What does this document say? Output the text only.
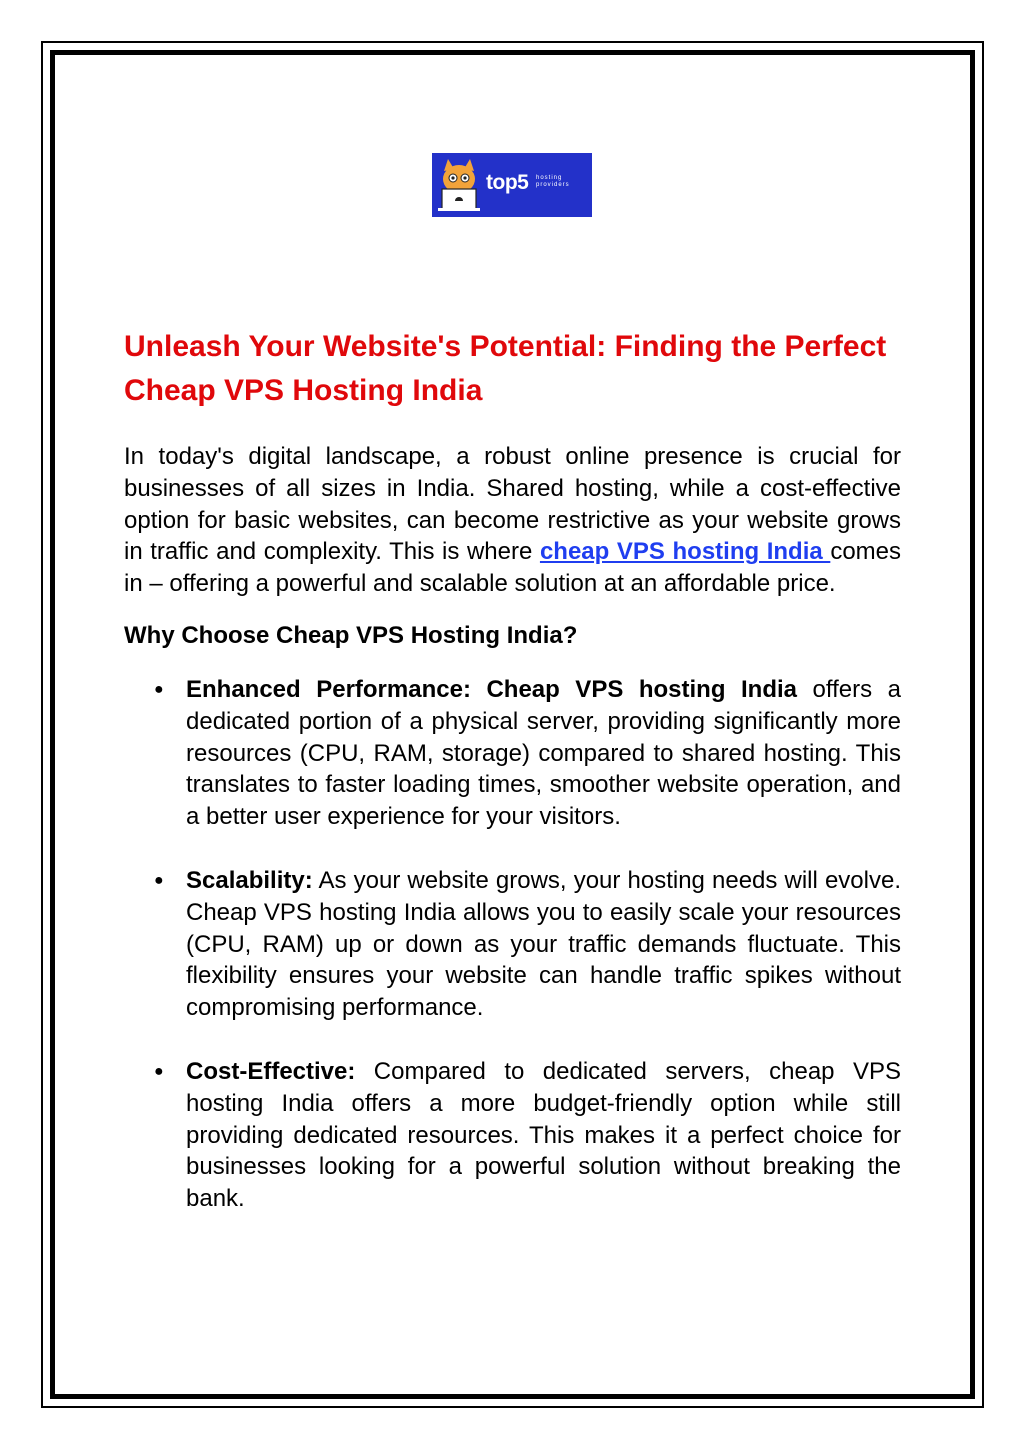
top5 hosting providers
Unleash Your Website's Potential: Finding the Perfect Cheap VPS Hosting India

In today's digital landscape, a robust online presence is crucial for businesses of all sizes in India. Shared hosting, while a cost-effective option for basic websites, can become restrictive as your website grows in traffic and complexity. This is where cheap VPS hosting India comes in – offering a powerful and scalable solution at an affordable price.

Why Choose Cheap VPS Hosting India?
● Enhanced Performance: Cheap VPS hosting India offers a dedicated portion of a physical server, providing significantly more resources (CPU, RAM, storage) compared to shared hosting. This translates to faster loading times, smoother website operation, and a better user experience for your visitors.
● Scalability: As your website grows, your hosting needs will evolve. Cheap VPS hosting India allows you to easily scale your resources (CPU, RAM) up or down as your traffic demands fluctuate. This flexibility ensures your website can handle traffic spikes without compromising performance.
● Cost-Effective: Compared to dedicated servers, cheap VPS hosting India offers a more budget-friendly option while still providing dedicated resources. This makes it a perfect choice for businesses looking for a powerful solution without breaking the bank.
